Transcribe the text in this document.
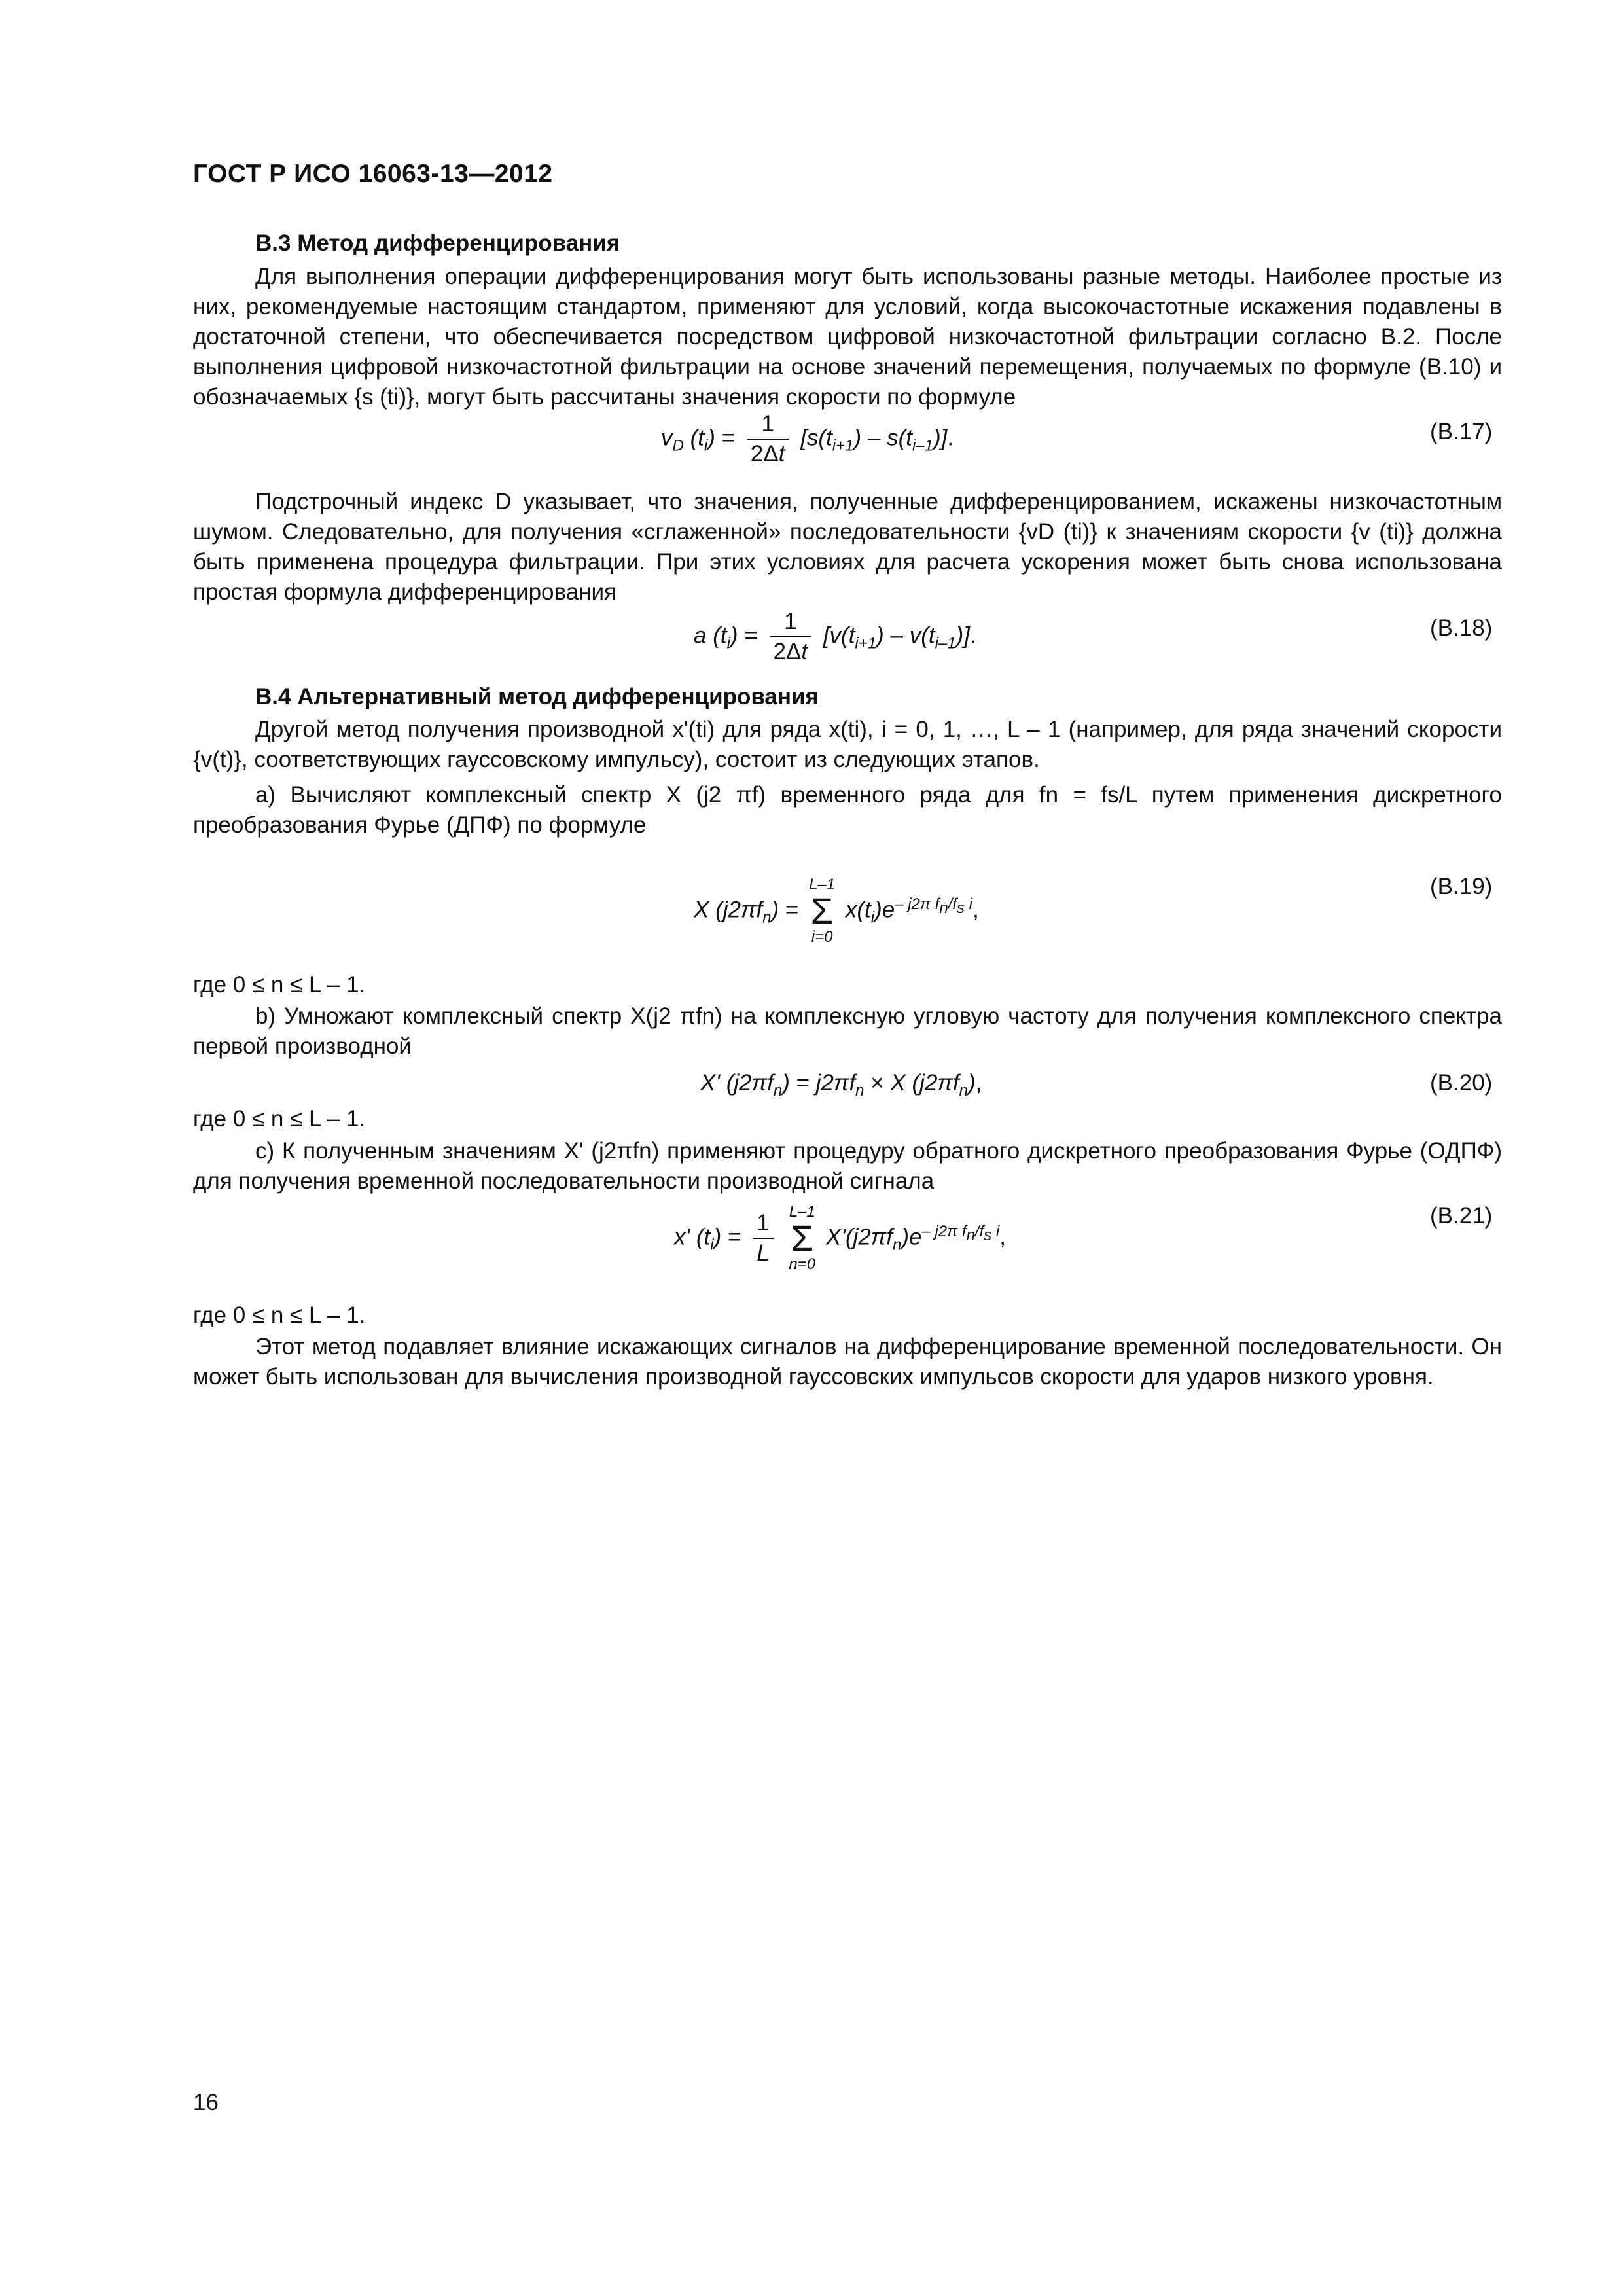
ГОСТ Р ИСО 16063-13—2012
В.3 Метод дифференцирования
Для выполнения операции дифференцирования могут быть использованы разные методы. Наиболее простые из них, рекомендуемые настоящим стандартом, применяют для условий, когда высокочастотные искажения подавлены в достаточной степени, что обеспечивается посредством цифровой низкочастотной фильтрации согласно В.2. После выполнения цифровой низкочастотной фильтрации на основе значений перемещения, получаемых по формуле (В.10) и обозначаемых {s (ti)}, могут быть рассчитаны значения скорости по формуле
$v_D$ $(t_i) = \frac{1}{2\Delta t} [s(t_{i+1}) - s(t_{i-1})]$.	(В.17)
Подстрочный индекс D указывает, что значения, полученные дифференцированием, искажены низкочастотным шумом. Следовательно, для получения «сглаженной» последовательности {vD (ti)} к значениям скорости {v (ti)} должна быть применена процедура фильтрации. При этих условиях для расчета ускорения может быть снова использована простая формула дифференцирования
a $(t_i) = \frac{1}{2\Delta t} [v(t_{i+1}) - v(t_{i-1})]$.	(В.18)
В.4 Альтернативный метод дифференцирования
Другой метод получения производной x'(ti) для ряда x(ti), i = 0, 1, …, L – 1 (например, для ряда значений скорости {v(t)}, соответствующих гауссовскому импульсу), состоит из следующих этапов.
а) Вычисляют комплексный спектр X (j2 πf) временного ряда для fn = fs/L путем применения дискретного преобразования Фурье (ДПФ) по формуле
X $(j2\pi f_n)$ =
L–1
Σ
i=0
$x(t_i)e^{- j2\pi f_n/f_s i}$,
(В.19)
где 0 ≤ n ≤ L – 1.
b) Умножают комплексный спектр X(j2 πfn) на комплексную угловую частоту для получения комплексного спектра первой производной
X' $(j2\pi f_n) = j2\pi f_n \times X$ $(j2\pi f_n)$,	(В.20)
где 0 ≤ n ≤ L – 1.
с) К полученным значениям X' (j2πfn) применяют процедуру обратного дискретного преобразования Фурье (ОДПФ) для получения временной последовательности производной сигнала
x' $(t_i) = \frac{1}{L}$
L–1
Σ
n=0
$X'(j2\pi f_n)e^{- j2\pi f_n/f_s i}$,
(В.21)
где 0 ≤ n ≤ L – 1.
Этот метод подавляет влияние искажающих сигналов на дифференцирование временной последовательности. Он может быть использован для вычисления производной гауссовских импульсов скорости для ударов низкого уровня.
16
